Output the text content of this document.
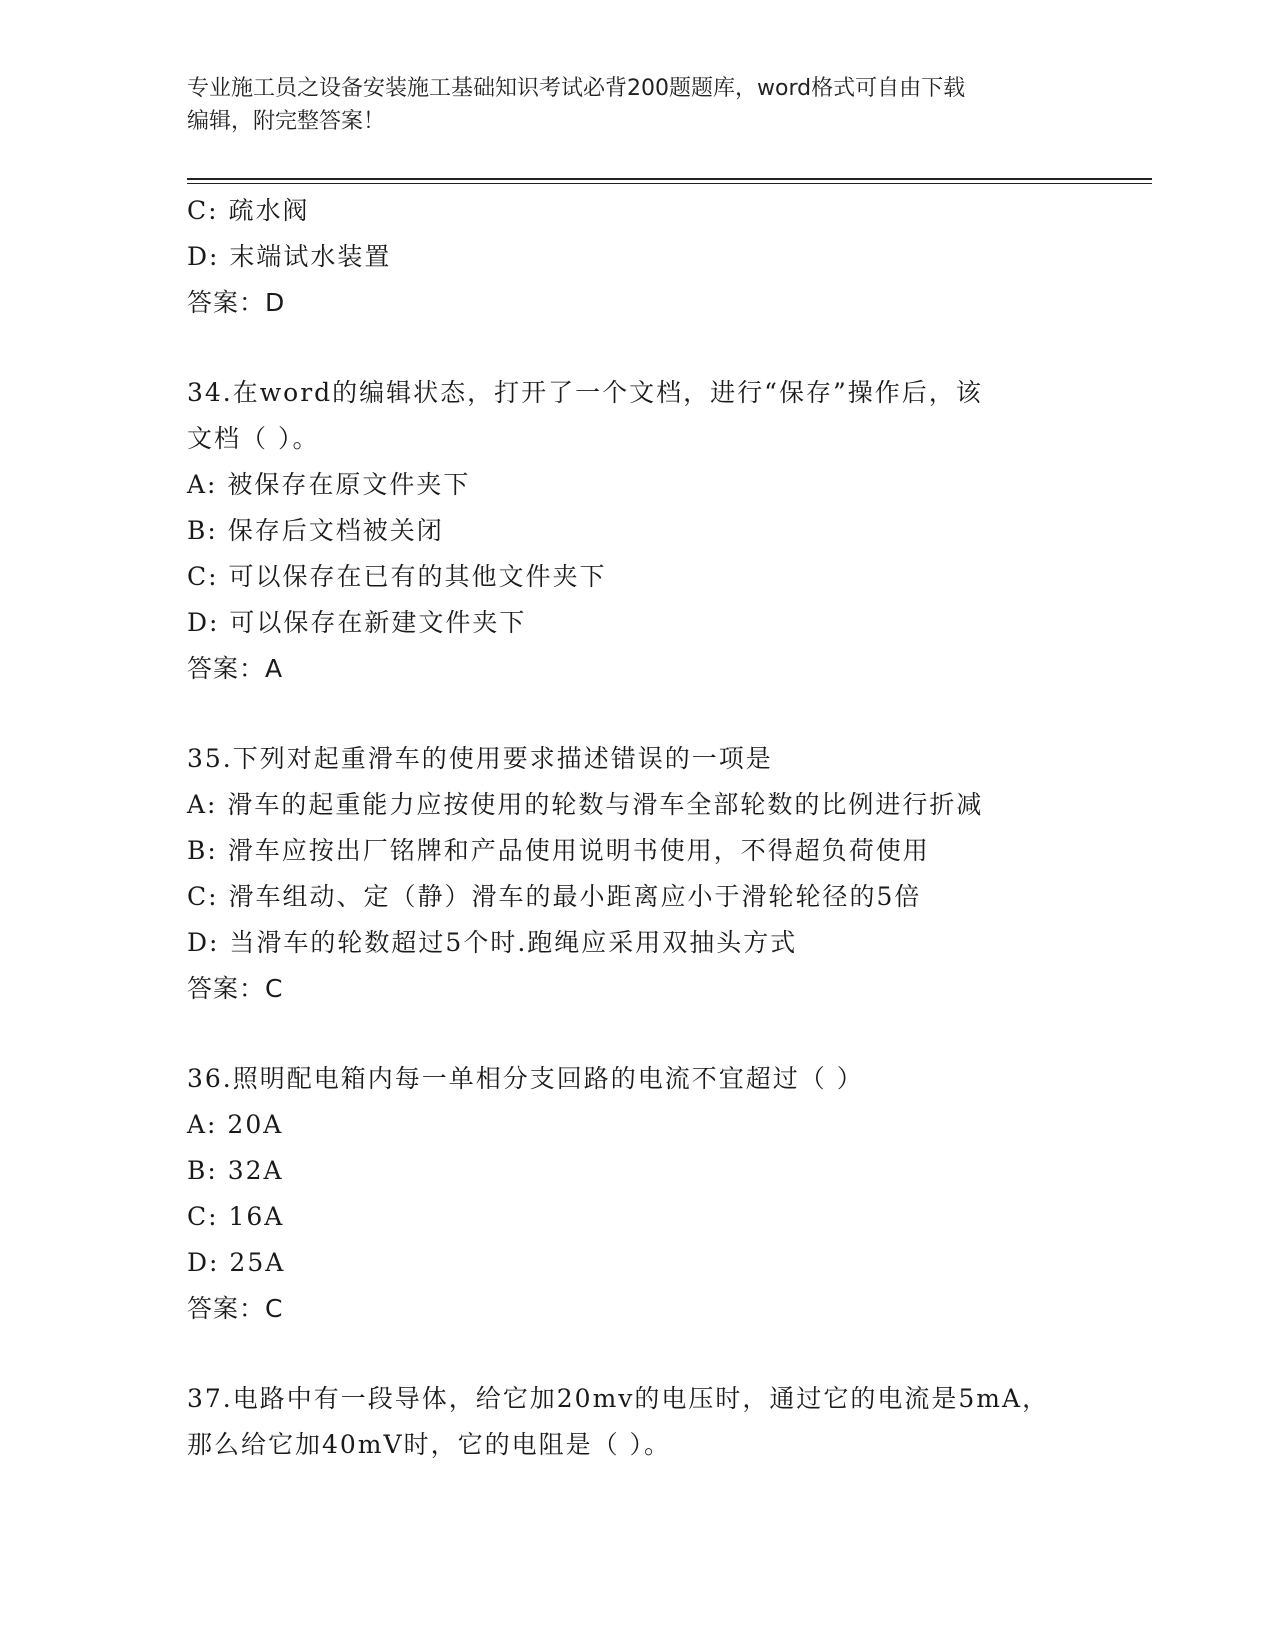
专业施工员之设备安装施工基础知识考试必背200题题库，word格式可自由下载
编辑，附完整答案！
C: 疏水阀
D: 末端试水装置
答案：D
34.在word的编辑状态，打开了一个文档，进行“保存”操作后，该
文档（ ）。
A: 被保存在原文件夹下
B: 保存后文档被关闭
C: 可以保存在已有的其他文件夹下
D: 可以保存在新建文件夹下
答案：A
35.下列对起重滑车的使用要求描述错误的一项是
A: 滑车的起重能力应按使用的轮数与滑车全部轮数的比例进行折减
B: 滑车应按出厂铭牌和产品使用说明书使用，不得超负荷使用
C: 滑车组动、定（静）滑车的最小距离应小于滑轮轮径的5倍
D: 当滑车的轮数超过5个时.跑绳应采用双抽头方式
答案：C
36.照明配电箱内每一单相分支回路的电流不宜超过（ ）
A: 20A
B: 32A
C: 16A
D: 25A
答案：C
37.电路中有一段导体，给它加20mv的电压时，通过它的电流是5mA，
那么给它加40mV时，它的电阻是（ ）。
